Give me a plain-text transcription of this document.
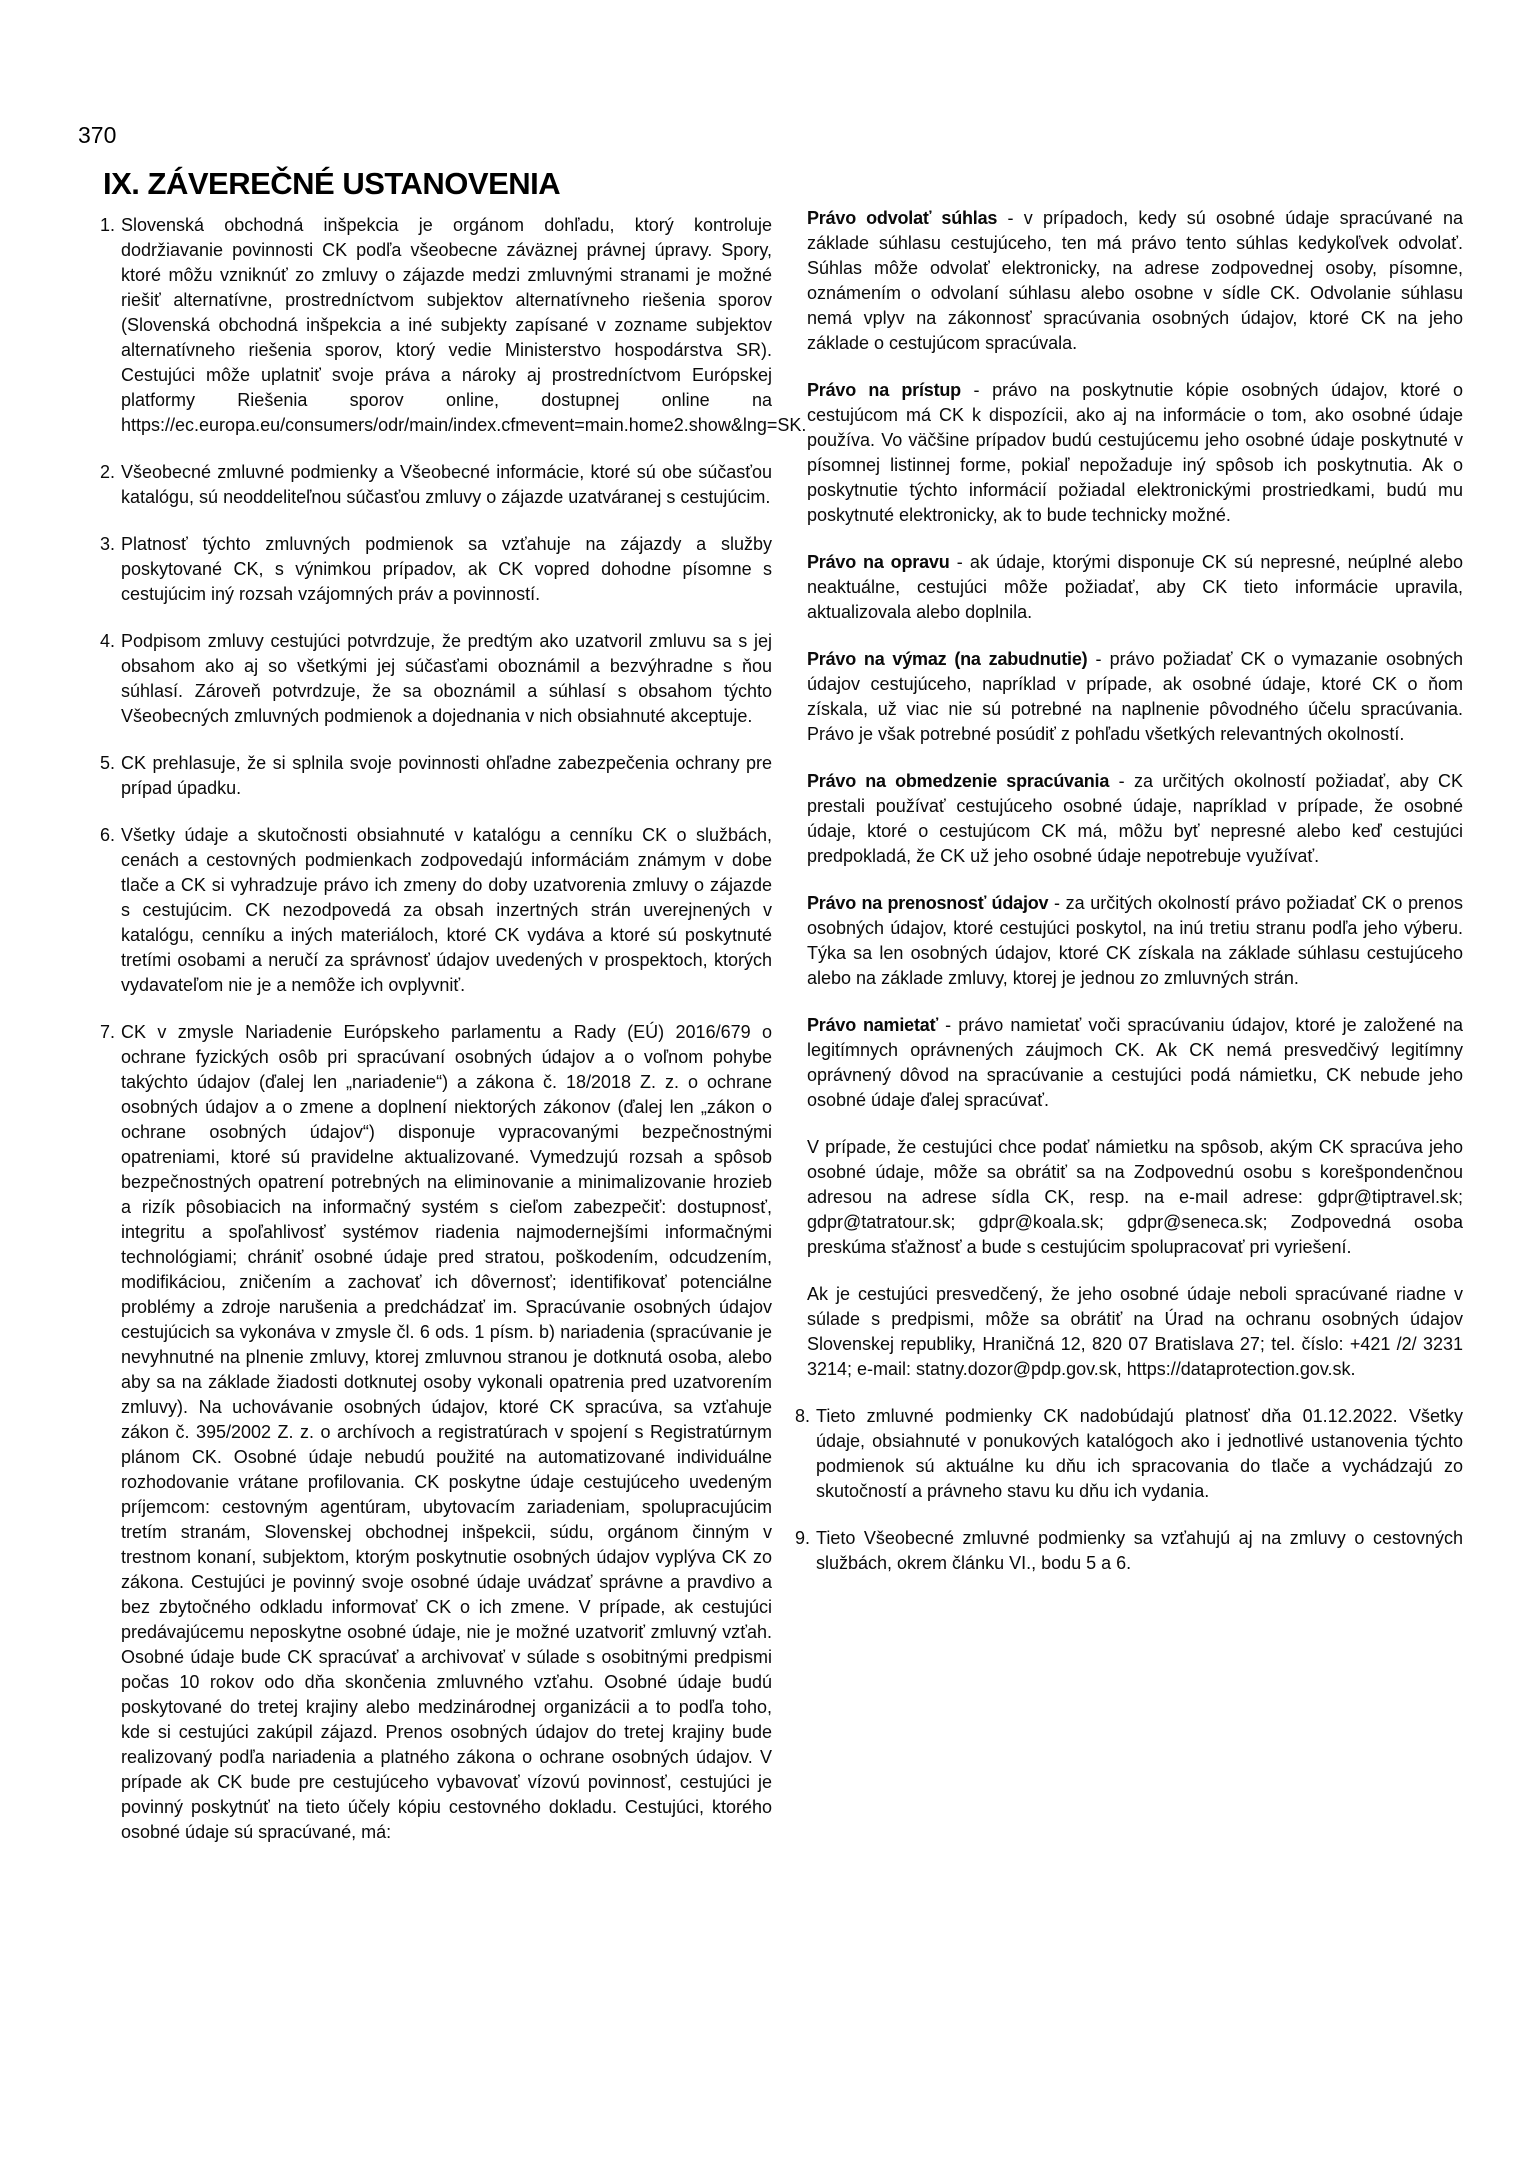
370
IX. ZÁVEREČNÉ USTANOVENIA
1. Slovenská obchodná inšpekcia je orgánom dohľadu, ktorý kontroluje dodržiavanie povinnosti CK podľa všeobecne záväznej právnej úpravy. Spory, ktoré môžu vzniknúť zo zmluvy o zájazde medzi zmluvnými stranami je možné riešiť alternatívne, prostredníctvom subjektov alternatívneho riešenia sporov (Slovenská obchodná inšpekcia a iné subjekty zapísané v zozname subjektov alternatívneho riešenia sporov, ktorý vedie Ministerstvo hospodárstva SR). Cestujúci môže uplatniť svoje práva a nároky aj prostredníctvom Európskej platformy Riešenia sporov online, dostupnej online na https://ec.europa.eu/consumers/odr/main/index.cfmevent=main.home2.show&lng=SK.
2. Všeobecné zmluvné podmienky a Všeobecné informácie, ktoré sú obe súčasťou katalógu, sú neoddeliteľnou súčasťou zmluvy o zájazde uzatváranej s cestujúcim.
3. Platnosť týchto zmluvných podmienok sa vzťahuje na zájazdy a služby poskytované CK, s výnimkou prípadov, ak CK vopred dohodne písomne s cestujúcim iný rozsah vzájomných práv a povinností.
4. Podpisom zmluvy cestujúci potvrdzuje, že predtým ako uzatvoril zmluvu sa s jej obsahom ako aj so všetkými jej súčasťami oboznámil a bezvýhradne s ňou súhlasí. Zároveň potvrdzuje, že sa oboznámil a súhlasí s obsahom týchto Všeobecných zmluvných podmienok a dojednania v nich obsiahnuté akceptuje.
5. CK prehlasuje, že si splnila svoje povinnosti ohľadne zabezpečenia ochrany pre prípad úpadku.
6. Všetky údaje a skutočnosti obsiahnuté v katalógu a cenníku CK o službách, cenách a cestovných podmienkach zodpovedajú informáciám známym v dobe tlače a CK si vyhradzuje právo ich zmeny do doby uzatvorenia zmluvy o zájazde s cestujúcim. CK nezodpovedá za obsah inzertných strán uverejnených v katalógu, cenníku a iných materiáloch, ktoré CK vydáva a ktoré sú poskytnuté tretími osobami a neručí za správnosť údajov uvedených v prospektoch, ktorých vydavateľom nie je a nemôže ich ovplyvniť.
7. CK v zmysle Nariadenie Európskeho parlamentu a Rady (EÚ) 2016/679 o ochrane fyzických osôb pri spracúvaní osobných údajov a o voľnom pohybe takýchto údajov (ďalej len „nariadenie“) a zákona č. 18/2018 Z. z. o ochrane osobných údajov a o zmene a doplnení niektorých zákonov (ďalej len „zákon o ochrane osobných údajov“) disponuje vypracovanými bezpečnostnými opatreniami, ktoré sú pravidelne aktualizované. Vymedzujú rozsah a spôsob bezpečnostných opatrení potrebných na eliminovanie a minimalizovanie hrozieb a rizík pôsobiacich na informačný systém s cieľom zabezpečiť: dostupnosť, integritu a spoľahlivosť systémov riadenia najmodernejšími informačnými technológiami; chrániť osobné údaje pred stratou, poškodením, odcudzením, modifikáciou, zničením a zachovať ich dôvernosť; identifikovať potenciálne problémy a zdroje narušenia a predchádzať im. Spracúvanie osobných údajov cestujúcich sa vykonáva v zmysle čl. 6 ods. 1 písm. b) nariadenia (spracúvanie je nevyhnutné na plnenie zmluvy, ktorej zmluvnou stranou je dotknutá osoba, alebo aby sa na základe žiadosti dotknutej osoby vykonali opatrenia pred uzatvorením zmluvy). Na uchovávanie osobných údajov, ktoré CK spracúva, sa vzťahuje zákon č. 395/2002 Z. z. o archívoch a registratúrach v spojení s Registratúrnym plánom CK. Osobné údaje nebudú použité na automatizované individuálne rozhodovanie vrátane profilovania. CK poskytne údaje cestujúceho uvedeným príjemcom: cestovným agentúram, ubytovacím zariadeniam, spolupracujúcim tretím stranám, Slovenskej obchodnej inšpekcii, súdu, orgánom činným v trestnom konaní, subjektom, ktorým poskytnutie osobných údajov vyplýva CK zo zákona. Cestujúci je povinný svoje osobné údaje uvádzať správne a pravdivo a bez zbytočného odkladu informovať CK o ich zmene. V prípade, ak cestujúci predávajúcemu neposkytne osobné údaje, nie je možné uzatvoriť zmluvný vzťah. Osobné údaje bude CK spracúvať a archivovať v súlade s osobitnými predpismi počas 10 rokov odo dňa skončenia zmluvného vzťahu. Osobné údaje budú poskytované do tretej krajiny alebo medzinárodnej organizácii a to podľa toho, kde si cestujúci zakúpil zájazd. Prenos osobných údajov do tretej krajiny bude realizovaný podľa nariadenia a platného zákona o ochrane osobných údajov. V prípade ak CK bude pre cestujúceho vybavovať vízovú povinnosť, cestujúci je povinný poskytnúť na tieto účely kópiu cestovného dokladu. Cestujúci, ktorého osobné údaje sú spracúvané, má:

Právo odvolať súhlas - v prípadoch, kedy sú osobné údaje spracúvané na základe súhlasu cestujúceho, ten má právo tento súhlas kedykoľvek odvolať. Súhlas môže odvolať elektronicky, na adrese zodpovednej osoby, písomne, oznámením o odvolaní súhlasu alebo osobne v sídle CK. Odvolanie súhlasu nemá vplyv na zákonnosť spracúvania osobných údajov, ktoré CK na jeho základe o cestujúcom spracúvala.

Právo na prístup - právo na poskytnutie kópie osobných údajov, ktoré o cestujúcom má CK k dispozícii, ako aj na informácie o tom, ako osobné údaje používa. Vo väčšine prípadov budú cestujúcemu jeho osobné údaje poskytnuté v písomnej listinnej forme, pokiaľ nepožaduje iný spôsob ich poskytnutia. Ak o poskytnutie týchto informácií požiadal elektronickými prostriedkami, budú mu poskytnuté elektronicky, ak to bude technicky možné.

Právo na opravu - ak údaje, ktorými disponuje CK sú nepresné, neúplné alebo neaktuálne, cestujúci môže požiadať, aby CK tieto informácie upravila, aktualizovala alebo doplnila.

Právo na výmaz (na zabudnutie) - právo požiadať CK o vymazanie osobných údajov cestujúceho, napríklad v prípade, ak osobné údaje, ktoré CK o ňom získala, už viac nie sú potrebné na naplnenie pôvodného účelu spracúvania. Právo je však potrebné posúdiť z pohľadu všetkých relevantných okolností.

Právo na obmedzenie spracúvania - za určitých okolností požiadať, aby CK prestali používať cestujúceho osobné údaje, napríklad v prípade, že osobné údaje, ktoré o cestujúcom CK má, môžu byť nepresné alebo keď cestujúci predpokladá, že CK už jeho osobné údaje nepotrebuje využívať.

Právo na prenosnosť údajov - za určitých okolností právo požiadať CK o prenos osobných údajov, ktoré cestujúci poskytol, na inú tretiu stranu podľa jeho výberu. Týka sa len osobných údajov, ktoré CK získala na základe súhlasu cestujúceho alebo na základe zmluvy, ktorej je jednou zo zmluvných strán.

Právo namietať - právo namietať voči spracúvaniu údajov, ktoré je založené na legitímnych oprávnených záujmoch CK. Ak CK nemá presvedčivý legitímny oprávnený dôvod na spracúvanie a cestujúci podá námietku, CK nebude jeho osobné údaje ďalej spracúvať.

V prípade, že cestujúci chce podať námietku na spôsob, akým CK spracúva jeho osobné údaje, môže sa obrátiť sa na Zodpovednú osobu s korešpondenčnou adresou na adrese sídla CK, resp. na e-mail adrese: gdpr@tiptravel.sk; gdpr@tatratour.sk; gdpr@koala.sk; gdpr@seneca.sk; Zodpovedná osoba preskúma sťažnosť a bude s cestujúcim spolupracovať pri vyriešení.

Ak je cestujúci presvedčený, že jeho osobné údaje neboli spracúvané riadne v súlade s predpismi, môže sa obrátiť na Úrad na ochranu osobných údajov Slovenskej republiky, Hraničná 12, 820 07 Bratislava 27; tel. číslo: +421 /2/ 3231 3214; e-mail: statny.dozor@pdp.gov.sk, https://dataprotection.gov.sk.

8. Tieto zmluvné podmienky CK nadobúdajú platnosť dňa 01.12.2022. Všetky údaje, obsiahnuté v ponukových katalógoch ako i jednotlivé ustanovenia týchto podmienok sú aktuálne ku dňu ich spracovania do tlače a vychádzajú zo skutočností a právneho stavu ku dňu ich vydania.
9. Tieto Všeobecné zmluvné podmienky sa vzťahujú aj na zmluvy o cestovných službách, okrem článku VI., bodu 5 a 6.
